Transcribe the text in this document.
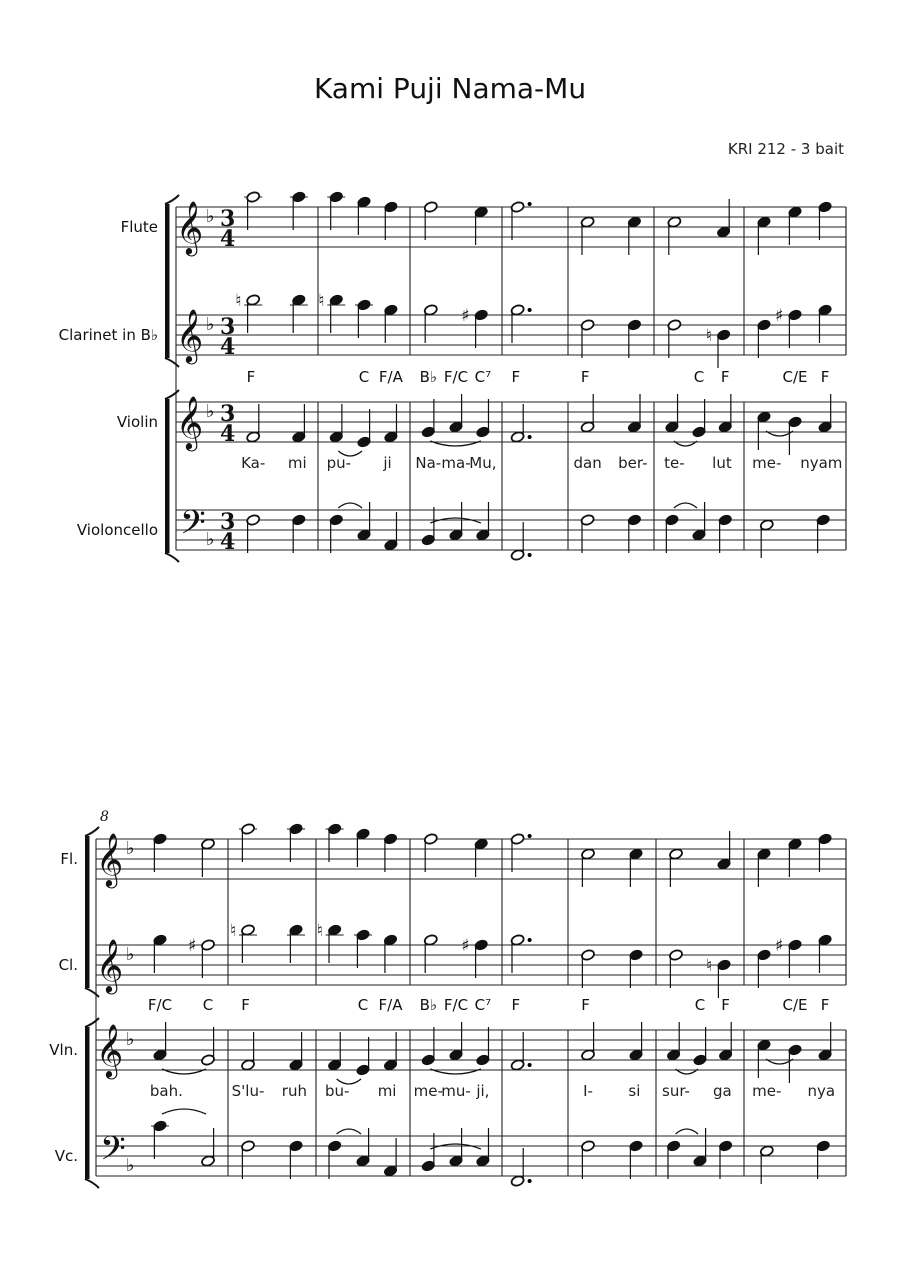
Kami Puji Nama-Mu
KRI 212 - 3 bait
𝄞 ♭ 3
4
𝄞 ♭ 3
4
𝄞 ♭ 3
4
𝄢 ♭
3
4
♮	♮
♯
♮
♯
𝄞 ♭
𝄞 ♭
𝄞 ♭
𝄢 ♭
♯
♮	♮
♯
♮
♯
Flute
Clarinet in B♭
Violin
Violoncello
F
Ka- mi
C F/A
pu- ji
B♭ F/C C⁷
Na- ma-
Mu,
F	F
dan ber-
C F
te- lut
C/E F
me- nyam
Fl.
Cl.
Vln.
Vc.
8
F/C C
bah.
F
S'lu- ruh
C F/A
bu- mi
B♭ F/C C⁷
me-
mu- ji,
F	F
I- si
C F
sur- ga
C/E F
me- nya
